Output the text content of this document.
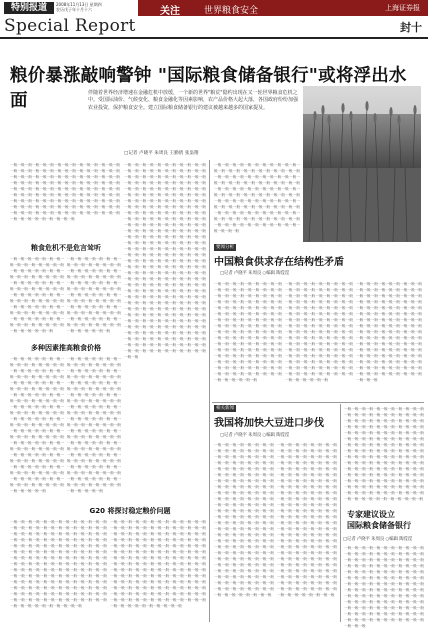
特别报道	2008年11月13日 星期四
农历戊子年十月十六
Special Report
关注	世界粮食安全	上海证券报
封十
粮价暴涨敲响警钟 "国际粮食储备银行"或将浮出水面	伴随着世界经济增速在金融危机中放缓，一个新的世界"粮荒"隐约出现在又一轮世界粮食危机之中。受国际油价、气候变化、粮食金融化等因素影响，农产品价格大起大落，各国政府纷纷加强农业投资，保护粮食安全。建立国际粮食储备银行的建议被越来越多的国家提及。
□记者 卢晓平 朱周良 王勤倩 张枭翔
一般一般一般一般一般一般一般一般一般一般一般一般一般一般一般一般一般一般一般一般一般一般一般一般一般一般一般一般一般一般一般一般一般一般一般一般一般一般一般一般一般一般一般一般一般一般一般一般一般一般一般一般一般一般一般一般一般一般一般一般一般一般一般一般一般一般一般一般一般一般一般一般一般一般一般一般一般一般一般一般一般一般一般一般一般一般一般一般一般一般一般一般一般一般一般一般一般一般一般一般一般一般一般一般一般一般一般一般一般一般一般一般一般一般一般一般一般一般一般一般一般一般一般一般一般一般一般一般一般一般一般一般一般一般一般一般一般一般一般一般一般一般一般一般
粮食危机不是危言耸听
一般一般一般一般一般一般一般一般一般一般一般一般一般一般一般一般一般一般一般一般一般一般一般一般一般一般一般一般一般一般一般一般一般一般一般一般一般一般一般一般一般一般一般一般一般一般一般一般一般一般一般一般一般一般一般一般一般一般一般一般一般一般一般一般一般一般一般一般一般一般一般一般一般一般一般一般一般一般一般一般一般一般一般一般一般一般一般一般一般一般一般一般一般一般一般一般
一般一般一般一般一般一般一般一般一般一般一般一般一般一般一般一般一般一般一般一般一般一般一般一般一般一般一般一般一般一般一般一般一般一般一般一般一般一般一般一般一般一般一般一般一般一般一般一般一般一般一般一般一般一般一般一般一般一般一般一般一般一般一般一般一般一般一般一般一般一般一般一般一般一般一般一般一般一般一般一般一般一般一般一般一般一般一般一般一般一般一般一般一般一般一般一般
多种因素推高粮食价格
一般一般一般一般一般一般一般一般一般一般一般一般一般一般一般一般一般一般一般一般一般一般一般一般一般一般一般一般一般一般一般一般一般一般一般一般一般一般一般一般一般一般一般一般一般一般一般一般一般一般一般一般一般一般一般一般一般一般一般一般一般一般一般一般一般一般一般一般一般一般一般一般一般一般一般一般一般一般一般一般一般一般一般一般一般一般一般一般一般一般一般一般一般一般一般一般一般一般一般一般一般一般一般一般一般一般一般一般一般一般一般一般一般一般一般一般一般一般一般一般一般一般一般一般一般一般一般一般一般一般一般一般一般一般一般一般一般一般一般一般一般一般一般一般一般一般一般一般一般一般一般一般一般一般一般一般一般一般一般一般一般一般一般一般一般一般一般一般一般一般
一般一般一般一般一般一般一般一般一般一般一般一般一般一般一般一般一般一般一般一般一般一般一般一般一般一般一般一般一般一般一般一般一般一般一般一般一般一般一般一般一般一般一般一般一般一般一般一般一般一般一般一般一般一般一般一般一般一般一般一般一般一般一般一般一般一般一般一般一般一般一般一般一般一般一般一般一般一般一般一般一般一般一般一般一般一般一般一般一般一般一般一般一般一般一般一般一般一般一般一般一般一般一般一般一般一般一般一般一般一般一般一般一般一般一般一般一般一般一般一般一般一般一般一般一般一般一般一般一般一般一般一般一般一般一般一般一般一般一般一般一般一般一般一般一般一般一般一般一般一般一般一般一般一般一般一般一般一般一般一般一般一般一般一般一般一般一般一般一般一般
一般一般一般一般一般一般一般一般一般一般一般一般一般一般一般一般一般一般一般一般一般一般一般一般一般一般一般一般一般一般一般一般一般一般一般一般一般一般一般一般一般一般一般一般一般一般一般一般一般一般一般一般一般一般一般一般一般一般一般一般一般一般一般一般一般一般一般一般一般一般一般一般一般一般一般一般一般一般一般一般一般一般一般一般一般一般一般一般一般一般一般一般一般一般一般一般一般一般一般一般一般一般一般一般一般一般一般一般一般一般一般一般一般一般一般一般一般一般一般一般一般一般一般一般一般一般一般一般一般一般一般一般一般一般一般一般一般一般一般一般一般一般一般一般一般一般一般一般一般一般一般一般一般一般一般一般一般一般一般一般一般一般一般一般一般一般一般一般一般一般一般一般一般一般一般一般一般一般一般一般一般一般一般一般一般一般一般一般一般一般一般一般一般一般一般一般一般一般一般一般一般一般一般一般一般一般一般一般一般一般一般一般一般一般一般一般一般一般一般一般一般一般一般一般一般一般一般一般一般一般一般一般一般一般一般一般一般一般一般一般一般一般一般一般一般一般一般一般一般一般一般一般一般一般一般一般一般一般一般一般一般一般一般一般一般一般一般一般一般一般一般一般一般一般一般一般一般一般一般一般一般一般一般一般一般一般一般一般一般一般一般一般一般一般一般一般一般一般一般一般一般一般一般一般一般一般一般一般一般一般一般一般一般一般一般一般一般一般一般一般一般一般一般一般一般一般一般一般一般一般一般一般一般一般一般一般一般一般一般一般一般一般一般一般一般一般一般一般一般一般一般一般一般一般
G20 将探讨稳定粮价问题
一般一般一般一般一般一般一般一般一般一般一般一般一般一般一般一般一般一般一般一般一般一般一般一般一般一般一般一般一般一般一般一般一般一般一般一般一般一般一般一般一般一般一般一般一般一般一般一般一般一般一般一般一般一般一般一般一般一般一般一般一般一般一般一般一般一般一般一般一般一般一般一般一般一般一般一般一般一般一般一般一般一般一般一般一般一般一般一般一般一般一般一般一般一般一般一般一般一般一般一般一般一般一般一般一般一般一般一般一般一般一般一般一般一般一般一般一般一般一般一般一般一般一般一般一般一般一般一般一般一般一般一般一般一般一般一般一般一般一般一般一般一般一般一般一般一般一般一般一般一般一般一般一般一般一般一般一般一般一般一般一般一般一般一般一般一般一般一般一般一般一般一般一般一般一般一般一般一般一般一般一般一般一般一般一般一般一般一般一般一般一般一般
一般一般一般一般一般一般一般一般一般一般一般一般一般一般一般一般一般一般一般一般一般一般一般一般一般一般一般一般一般一般一般一般一般一般一般一般一般一般一般一般一般一般一般一般一般一般一般一般一般一般一般一般一般一般一般一般一般一般一般一般一般一般一般一般一般一般一般一般一般一般一般一般一般一般一般一般一般一般一般一般一般一般一般一般一般一般一般一般一般一般一般一般一般一般一般一般一般一般一般一般一般一般一般一般一般一般一般一般一般一般一般一般一般一般一般一般一般一般一般一般一般一般一般一般一般一般一般一般一般一般一般一般一般一般一般一般一般一般一般一般一般一般一般一般一般一般一般一般一般一般一般一般一般一般一般一般一般一般一般一般一般一般一般一般一般一般一般一般一般一般一般一般一般一般一般一般一般一般一般一般一般一般一般一般一般一般一般一般一般一般一般一般
一般一般一般一般一般一般一般一般一般一般一般一般一般一般一般一般一般一般一般一般一般一般一般一般一般一般一般一般一般一般一般一般一般一般一般一般一般一般一般一般一般一般一般一般一般一般一般一般一般一般一般一般一般一般一般一般一般一般一般一般一般一般一般一般一般一般一般一般一般一般一般一般一般一般一般一般一般一般一般一般一般一般一般一般一般一般一般一般一般一般一般一般一般一般一般一般一般一般一般一般一般一般一般一般一般一般一般一般一般一般一般一般一般一般一般一般一般一般一般一般一般一般一般一般一般一般一般一般一般一般
要闻分析
中国粮食供求存在结构性矛盾
□记者 卢晓平 朱周良 ○编辑 陶滢滢
一般一般一般一般一般一般一般一般一般一般一般一般一般一般一般一般一般一般一般一般一般一般一般一般一般一般一般一般一般一般一般一般一般一般一般一般一般一般一般一般一般一般一般一般一般一般一般一般一般一般一般一般一般一般一般一般一般一般一般一般一般一般一般一般一般一般一般一般一般一般一般一般一般一般一般一般一般一般一般一般一般一般一般一般一般一般一般一般一般一般一般一般一般一般一般一般一般一般一般一般一般一般一般一般一般一般一般一般一般一般一般一般一般一般一般一般一般一般一般一般一般一般一般一般一般一般一般一般一般一般一般一般一般一般一般一般一般一般一般一般一般一般一般一般一般一般一般一般一般一般
一般一般一般一般一般一般一般一般一般一般一般一般一般一般一般一般一般一般一般一般一般一般一般一般一般一般一般一般一般一般一般一般一般一般一般一般一般一般一般一般一般一般一般一般一般一般一般一般一般一般一般一般一般一般一般一般一般一般一般一般一般一般一般一般一般一般一般一般一般一般一般一般一般一般一般一般一般一般一般一般一般一般一般一般一般一般一般一般一般一般一般一般一般一般一般一般一般一般一般一般一般一般一般一般一般一般一般一般一般一般一般一般一般一般一般一般一般一般一般一般一般一般一般一般一般一般一般一般一般一般一般一般一般一般一般一般一般一般一般一般一般一般一般一般一般一般一般一般一般一般
一般一般一般一般一般一般一般一般一般一般一般一般一般一般一般一般一般一般一般一般一般一般一般一般一般一般一般一般一般一般一般一般一般一般一般一般一般一般一般一般一般一般一般一般一般一般一般一般一般一般一般一般一般一般一般一般一般一般一般一般一般一般一般一般一般一般一般一般一般一般一般一般一般一般一般一般一般一般一般一般一般一般一般一般一般一般一般一般一般一般一般一般一般一般一般一般一般一般一般一般一般一般一般一般一般一般一般一般一般一般一般一般一般一般一般一般一般一般一般一般一般一般一般一般一般一般一般一般一般一般一般一般一般一般一般一般一般一般一般一般一般一般一般一般一般一般一般
相关新闻
我国将加快大豆进口步伐
□记者 卢晓平 朱周良 ○编辑 陶滢滢
一般一般一般一般一般一般一般一般一般一般一般一般一般一般一般一般一般一般一般一般一般一般一般一般一般一般一般一般一般一般一般一般一般一般一般一般一般一般一般一般一般一般一般一般一般一般一般一般一般一般一般一般一般一般一般一般一般一般一般一般一般一般一般一般一般一般一般一般一般一般一般一般一般一般一般一般一般一般一般一般一般一般一般一般一般一般一般一般一般一般一般一般一般一般一般一般一般一般一般一般一般一般一般一般一般一般一般一般一般一般一般一般一般一般一般一般一般一般一般一般一般一般一般一般一般一般一般一般一般一般一般一般一般一般一般一般一般一般一般一般一般一般一般一般一般一般一般一般一般一般一般一般一般一般一般一般一般一般一般一般一般一般一般一般一般一般一般一般一般一般一般一般一般一般一般一般一般一般一般一般一般一般一般一般一般一般一般一般一般一般一般一般一般一般一般一般一般一般一般一般一般一般一般一般一般一般一般一般
一般一般一般一般一般一般一般一般一般一般一般一般一般一般一般一般一般一般一般一般一般一般一般一般一般一般一般一般一般一般一般一般一般一般一般一般一般一般一般一般一般一般一般一般一般一般一般一般一般一般一般一般一般一般一般一般一般一般一般一般一般一般一般一般一般一般一般一般一般一般一般一般一般一般一般一般一般一般一般一般一般一般一般一般一般一般一般一般一般一般一般一般一般一般一般一般一般一般一般一般一般一般一般一般一般一般一般一般一般一般一般一般一般一般一般一般一般一般一般一般一般一般一般一般一般一般一般一般一般一般一般一般一般一般一般一般一般一般一般一般一般一般一般一般一般一般一般一般一般一般一般一般一般一般一般一般一般一般一般一般一般一般一般一般一般一般一般一般一般一般一般一般一般一般一般一般一般一般一般一般一般一般一般一般一般一般一般一般一般一般一般一般一般一般一般一般一般一般一般一般一般一般一般一般一般一般一般一般
一般一般一般一般一般一般一般一般一般一般一般一般一般一般一般一般一般一般一般一般一般一般一般一般一般一般一般一般一般一般一般一般一般一般一般一般一般一般一般一般一般一般一般一般一般一般一般一般一般一般一般一般一般一般一般一般一般一般一般一般一般一般一般一般一般一般一般一般一般一般一般一般一般一般一般一般一般一般一般一般一般一般一般一般一般一般一般一般一般一般一般一般一般一般一般一般一般一般一般一般一般一般一般一般一般一般一般一般一般一般一般一般一般一般一般一般一般一般一般一般一般一般一般一般一般一般一般一般一般一般一般一般一般一般一般一般一般一般一般一般一般一般一般一般一般一般一般一般一般一般一般一般一般一般一般一般一般一般一般一般一般一般一般一般一般一般一般一般一般一般一般一般一般一般一般一般
专家建议设立
国际粮食储备银行
□记者 卢晓平 朱周良 ○编辑 陶滢滢
一般一般一般一般一般一般一般一般一般一般一般一般一般一般一般一般一般一般一般一般一般一般一般一般一般一般一般一般一般一般一般一般一般一般一般一般一般一般一般一般一般一般一般一般一般一般一般一般一般一般一般一般一般一般一般一般一般一般一般一般一般一般一般一般一般一般一般一般一般一般一般一般一般一般一般一般一般一般一般一般一般一般一般一般一般一般一般一般一般一般一般一般一般一般一般一般一般一般一般一般一般一般一般一般一般一般一般一般一般一般一般一般一般一般一般一般一般一般一般一般一般一般一般一般一般一般一般一般一般一般一般一般一般一般一般一般一般一般一般一般一般一般一般一般一般一般
